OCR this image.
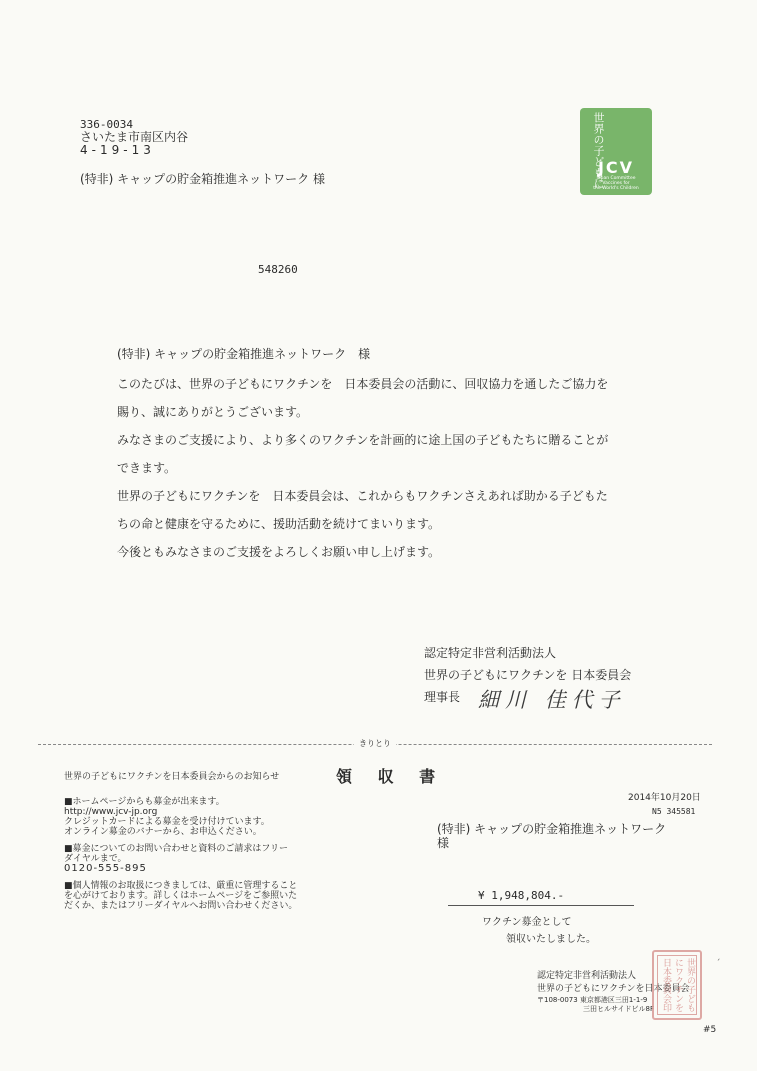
336-0034
さいたま市南区内谷
4-19-13
(特非) キャップの貯金箱推進ネットワーク 様
548260
世界の子どもに
JCV
Japan Committee
Vaccines for
the World's Children

(特非) キャップの貯金箱推進ネットワーク　様

このたびは、世界の子どもにワクチンを　日本委員会の活動に、回収協力を通したご協力を

賜り、誠にありがとうございます。

みなさまのご支援により、より多くのワクチンを計画的に途上国の子どもたちに贈ることが

できます。

世界の子どもにワクチンを　日本委員会は、これからもワクチンさえあれば助かる子どもた

ちの命と健康を守るために、援助活動を続けてまいります。

今後ともみなさまのご支援をよろしくお願い申し上げます。

認定特定非営利活動法人
世界の子どもにワクチンを 日本委員会
理事長 細川 佳代子
きりとり
領 収 書
世界の子どもにワクチンを日本委員会からのお知らせ
■ホームページからも募金が出来ます。
http://www.jcv-jp.org
クレジットカードによる募金を受け付けています。
オンライン募金のバナーから、お申込ください。
■募金についてのお問い合わせと資料のご請求はフリー
ダイヤルまで。
0120-555-895
■個人情報のお取扱につきましては、厳重に管理すること
を心がけております。詳しくはホームページをご参照いた
だくか、またはフリーダイヤルへお問い合わせください。
2014年10月20日
N5 345581
(特非) キャップの貯金箱推進ネットワーク
様
¥ 1,948,804.-
ワクチン募金として
領収いたしました。
認定特定非営利活動法人
世界の子どもにワクチンを日本委員会
〒108-0073 東京都港区三田1-1-9
三田ヒルサイドビル8F	世界の子どもにワクチンを日本委員会印	ˊ
#5
